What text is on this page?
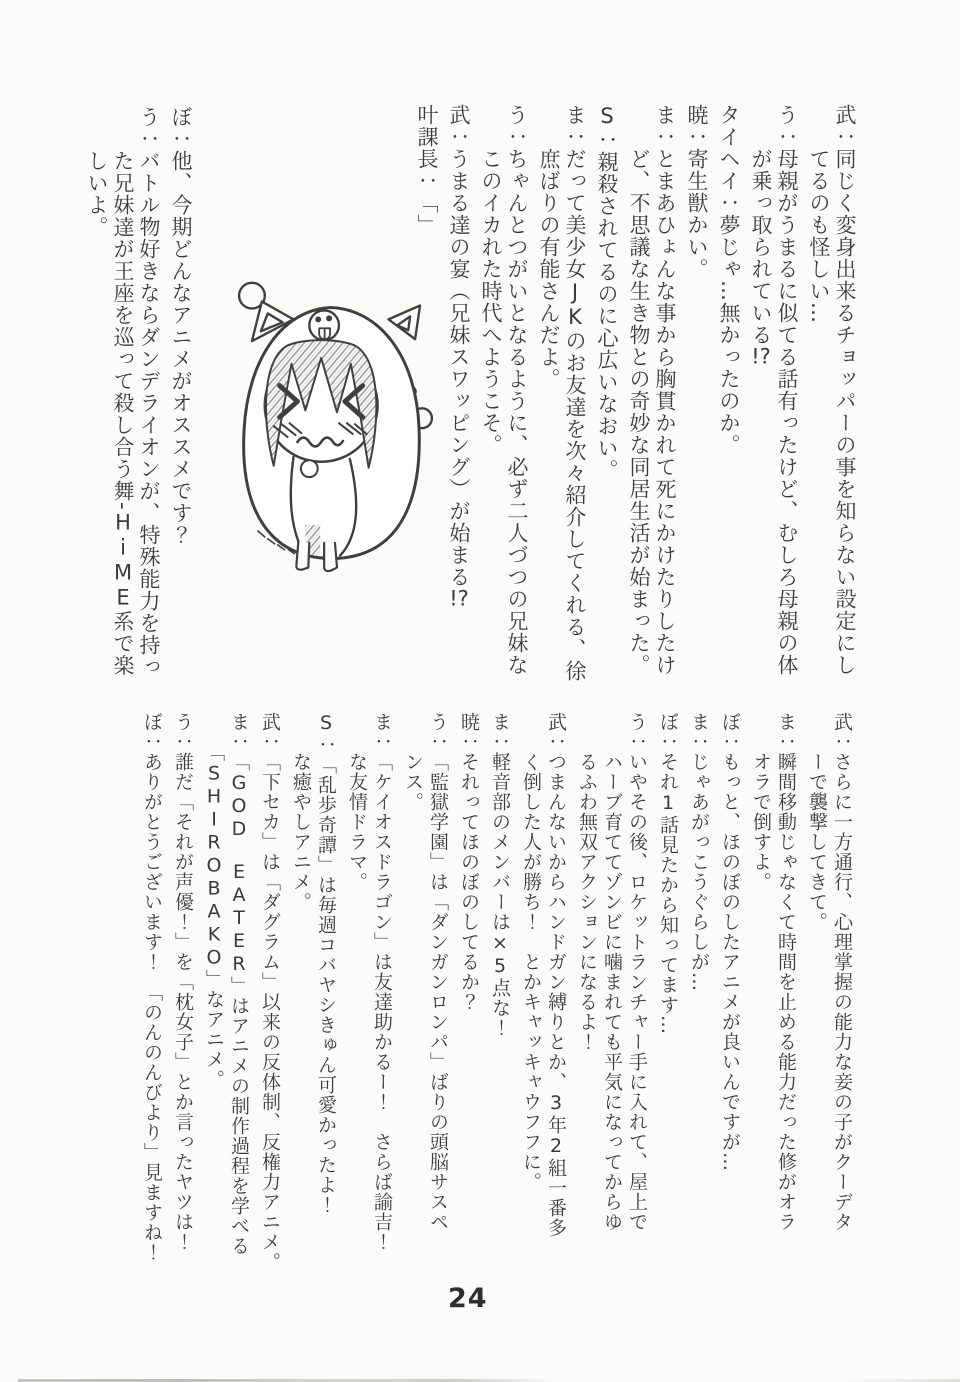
武：同じく変身出来るチョッパーの事を知らない設定にし

　　てるのも怪しい…

う：母親がうまるに似てる話有ったけど、むしろ母親の体

　　が乗っ取られている!?

タイヘイ：夢じゃ…無かったのか。

暁：寄生獣かい。

ま：とまあひょんな事から胸貫かれて死にかけたりしたけ

　　ど、不思議な生き物との奇妙な同居生活が始まった。

S：親殺されてるのに心広いなおい。

ま：だって美少女JKのお友達を次々紹介してくれる、徐

　　庶ばりの有能さんだよ。

う：ちゃんとつがいとなるように、必ず二人づつの兄妹な

　　このイカれた時代へようこそ。

武：うまる達の宴（兄妹スワッピング）が始まる!?

叶課長：「」

ぼ：他、今期どんなアニメがオススメです？

う：バトル物好きならダンデライオンが、特殊能力を持っ

　　た兄妹達が王座を巡って殺し合う舞-HiME系で楽

　　しいよ。

武：さらに一方通行、心理掌握の能力な妾の子がクーデタ

　　ーで襲撃してきて。

ま：瞬間移動じゃなくて時間を止める能力だった修がオラ

　　オラで倒すよ。

ぼ：もっと、ほのぼのしたアニメが良いんですが…

ま：じゃあがっこうぐらしが…

ぼ：それ1話見たから知ってます…

う：いやその後、ロケットランチャー手に入れて、屋上で

　　ハーブ育ててゾンビに噛まれても平気になってからゆ

　　るふわ無双アクションになるよ！

武：つまんないからハンドガン縛りとか、3年2組一番多

　　く倒した人が勝ち！　とかキャッキャウフフに。

ま：軽音部のメンバーは×5点な！

暁：それってほのぼのしてるか？

う：「監獄学園」は「ダンガンロンパ」ばりの頭脳サスペ

　　ンス。

ま：「ケイオスドラゴン」は友達助かるー！　さらば諭吉！

　　な友情ドラマ。

S：「乱歩奇譚」は毎週コバヤシきゅん可愛かったよ！

　　な癒やしアニメ。

武：「下セカ」は「ダグラム」以来の反体制、反権力アニメ。

ま：「GOD　EATER」はアニメの制作過程を学べる

　　「SHIROBAKO」なアニメ。

う：誰だ「それが声優！」を「枕女子」とか言ったヤツは！

ぼ：ありがとうございます！　「のんのんびより」見ますね！

24
